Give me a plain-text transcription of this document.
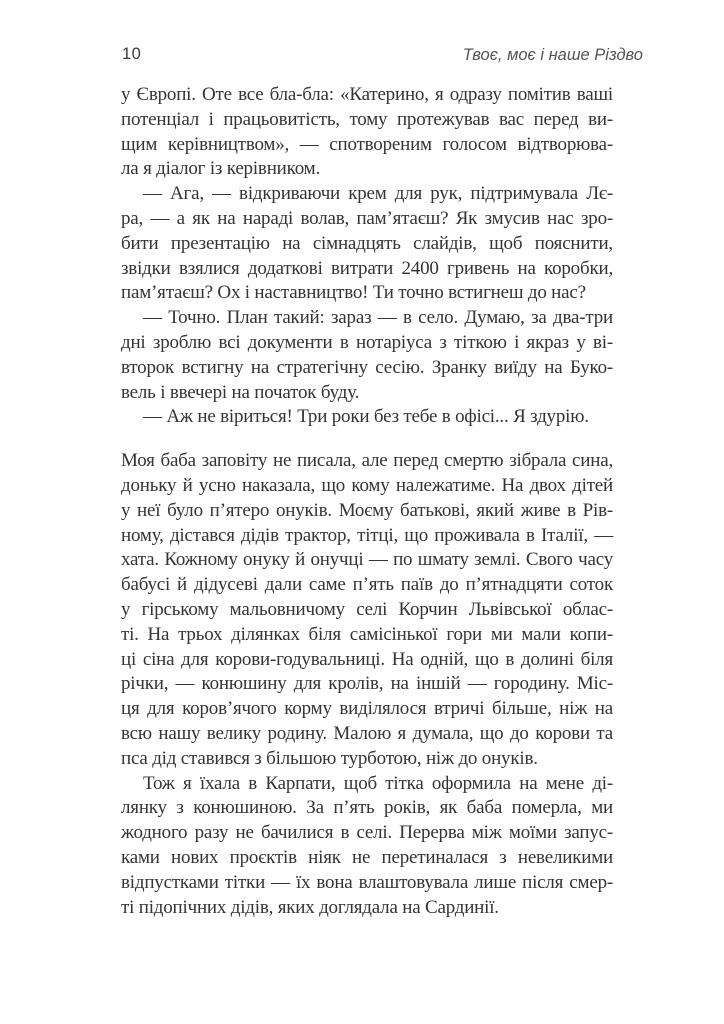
10	Твоє, моє і наше Різдво
у Європі. Оте все бла-бла: «Катерино, я одразу помітив ваші
потенціал і працьовитість, тому протежував вас перед ви-
щим керівництвом», — спотвореним голосом відтворюва-
ла я діалог із керівником.
— Ага, — відкриваючи крем для рук, підтримувала Лє-
ра, — а як на нараді волав, пам’ятаєш? Як змусив нас зро-
бити презентацію на сімнадцять слайдів, щоб пояснити,
звідки взялися додаткові витрати 2400 гривень на коробки,
пам’ятаєш? Ох і наставництво! Ти точно встигнеш до нас?
— Точно. План такий: зараз — в село. Думаю, за два-три
дні зроблю всі документи в нотаріуса з тіткою і якраз у ві-
второк встигну на стратегічну сесію. Зранку виїду на Буко-
вель і ввечері на початок буду.
— Аж не віриться! Три роки без тебе в офісі... Я здурію.
Моя баба заповіту не писала, але перед смертю зібрала сина,
доньку й усно наказала, що кому належатиме. На двох дітей
у неї було п’ятеро онуків. Моєму батькові, який живе в Рів-
ному, дістався дідів трактор, тітці, що проживала в Італії, —
хата. Кожному онуку й онучці — по шмату землі. Свого часу
бабусі й дідусеві дали саме п’ять паїв до п’ятнадцяти соток
у гірському мальовничому селі Корчин Львівської облас-
ті. На трьох ділянках біля самісінької гори ми мали копи-
ці сіна для корови-годувальниці. На одній, що в долині біля
річки, — конюшину для кролів, на іншій — городину. Міс-
ця для коров’ячого корму виділялося втричі більше, ніж на
всю нашу велику родину. Малою я думала, що до корови та
пса дід ставився з більшою турботою, ніж до онуків.
Тож я їхала в Карпати, щоб тітка оформила на мене ді-
лянку з конюшиною. За п’ять років, як баба померла, ми
жодного разу не бачилися в селі. Перерва між моїми запус-
ками нових проєктів ніяк не перетиналася з невеликими
відпустками тітки — їх вона влаштовувала лише після смер-
ті підопічних дідів, яких доглядала на Сардинії.
